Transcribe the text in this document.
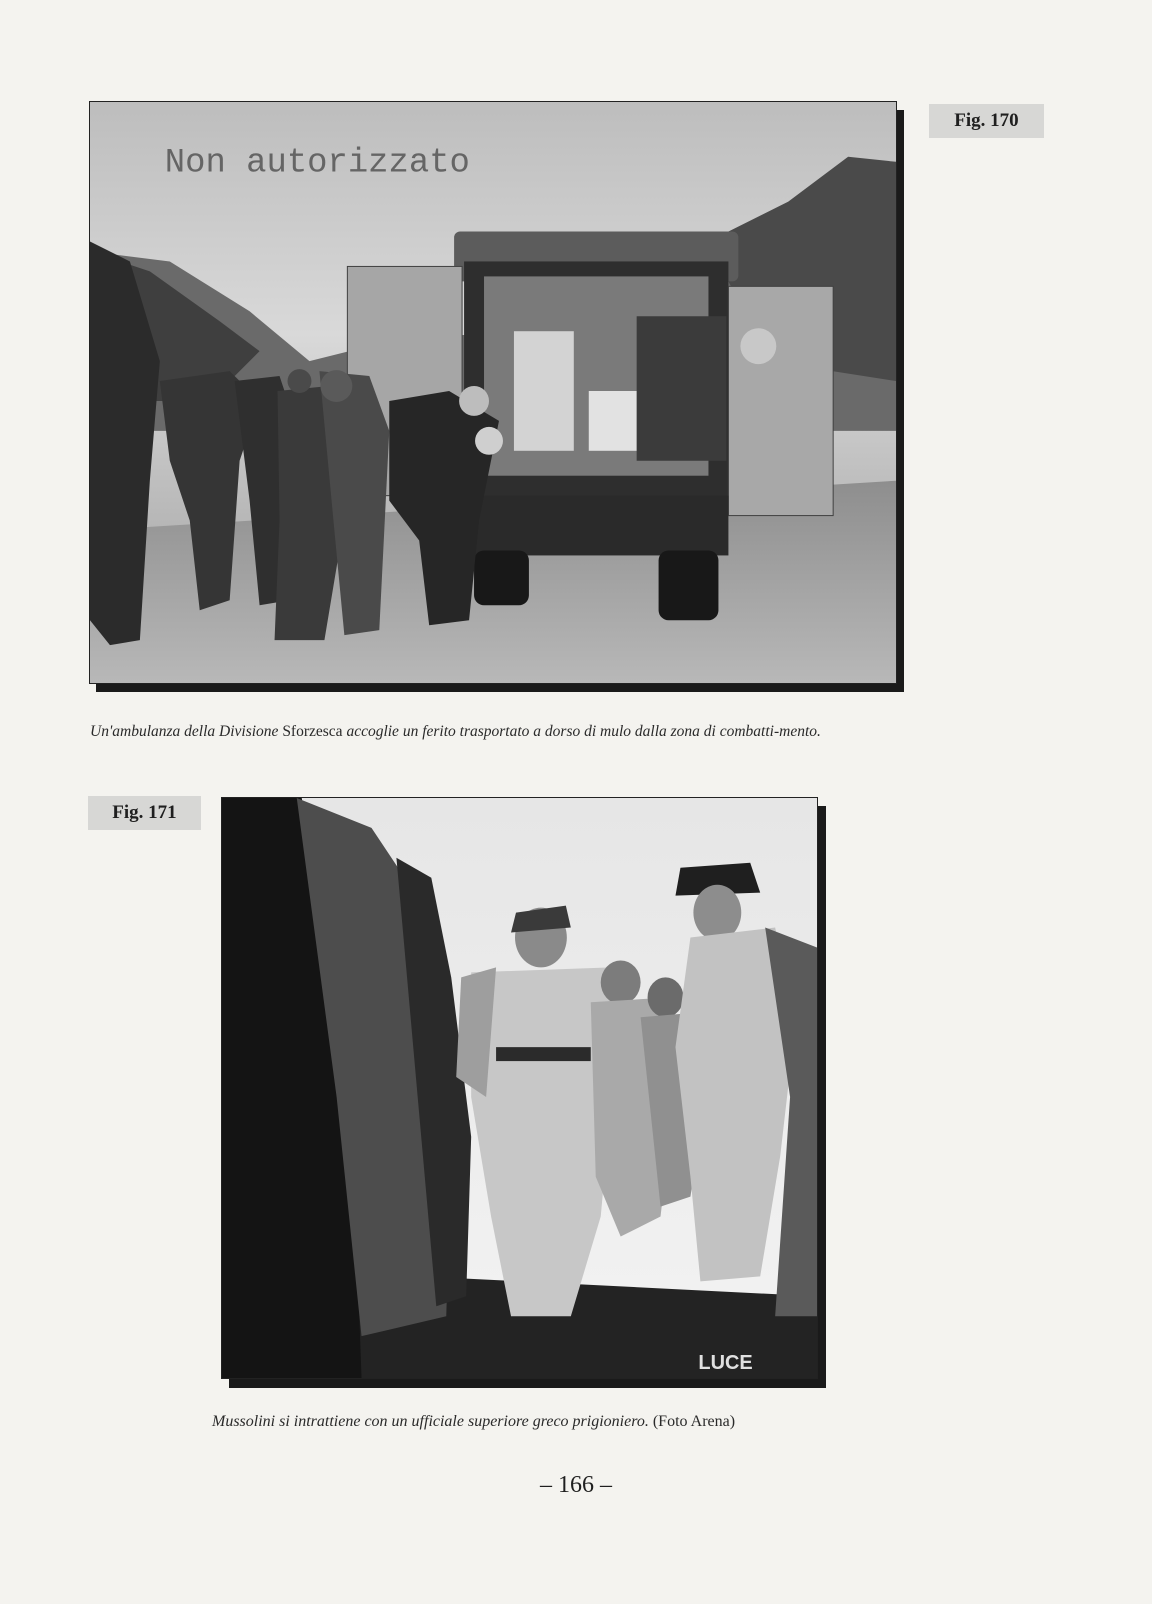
Non autorizzato
Fig. 170
Un'ambulanza della Divisione Sforzesca accoglie un ferito trasportato a dorso di mulo dalla zona di combatti-mento.
Fig. 171
LUCE
Mussolini si intrattiene con un ufficiale superiore greco prigioniero. (Foto Arena)
– 166 –
